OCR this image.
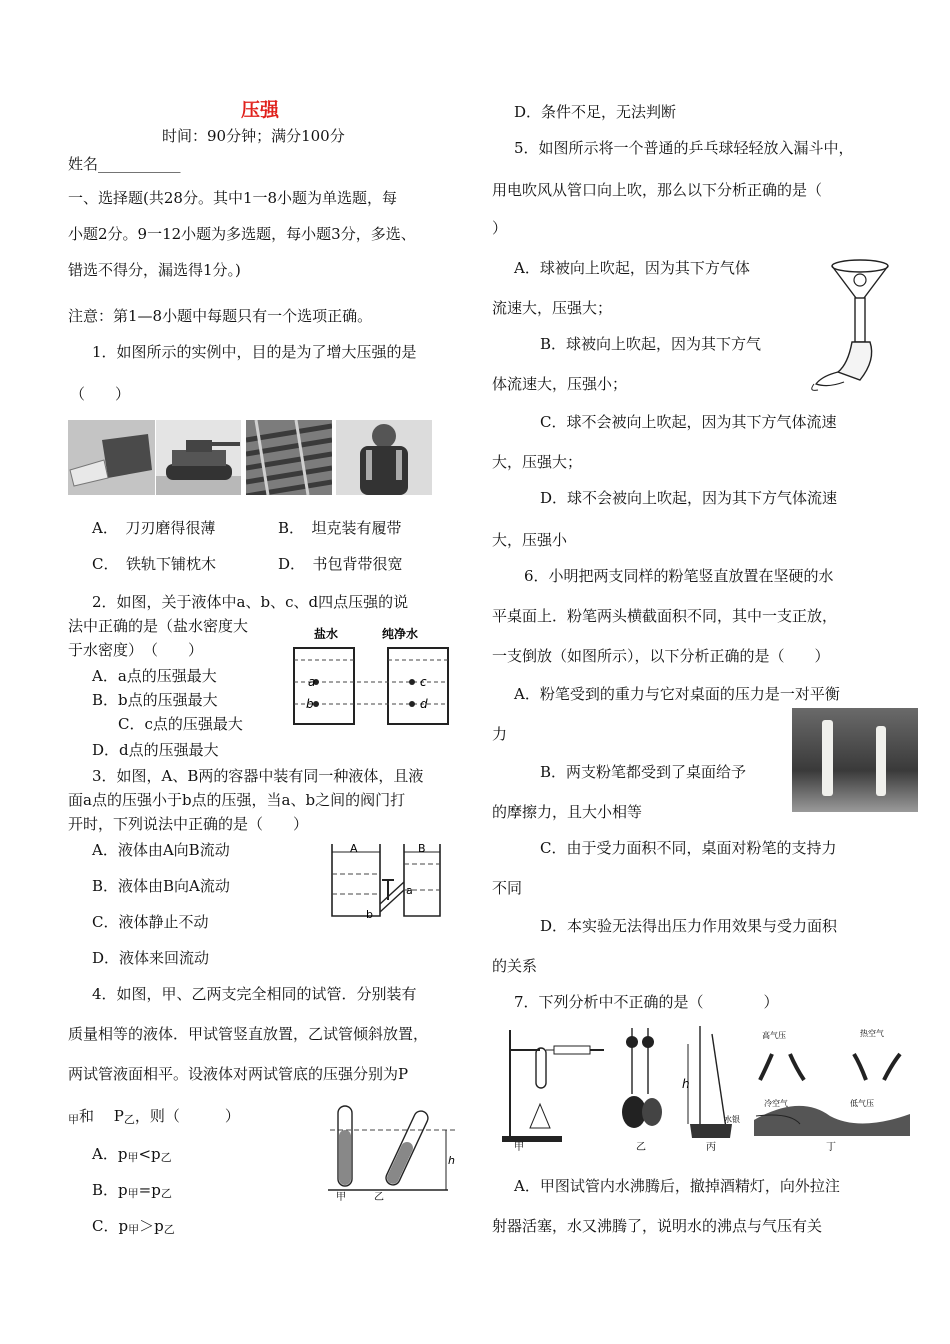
压强
时间：90分钟；满分100分
姓名___________
一、选择题(共28分。其中1一8小题为单选题，每
小题2分。9一12小题为多选题，每小题3分，多选、
错选不得分，漏选得1分。)
注意：第1—8小题中每题只有一个选项正确。
1．如图所示的实例中，目的是为了增大压强的是
（　　）
A．　刀刃磨得很薄	B．　坦克装有履带
C．　铁轨下铺枕木	D．　书包背带很宽
2．如图，关于液体中a、b、c、d四点压强的说
法中正确的是（盐水密度大
于水密度）　（　　）
A．a点的压强最大
B．b点的压强最大
C．c点的压强最大
D．d点的压强最大
盐水	纯净水
a
b
c
d
3．如图，A、B两的容器中装有同一种液体，且液
面a点的压强小于b点的压强，当a、b之间的阀门打
开时，下列说法中正确的是（　　）
A．液体由A向B流动
B．液体由B向A流动
C．液体静止不动
D．液体来回流动
A	B
a
b
4．如图，甲、乙两支完全相同的试管．分别装有
质量相等的液体．甲试管竖直放置，乙试管倾斜放置，
两试管液面相平。设液体对两试管底的压强分别为P
甲和　 P乙，则（　　　）
A．p甲<p乙
B．p甲=p乙
C．p甲＞p乙
h
甲	乙
D．条件不足，无法判断
5．如图所示将一个普通的乒乓球轻轻放入漏斗中，
用电吹风从管口向上吹，那么以下分析正确的是（
）
A．球被向上吹起，因为其下方气体
流速大，压强大；
B．球被向上吹起，因为其下方气
体流速大，压强小；
C．球不会被向上吹起，因为其下方气体流速
大，压强大；
D．球不会被向上吹起，因为其下方气体流速
大，压强小
6．小明把两支同样的粉笔竖直放置在坚硬的水
平桌面上．粉笔两头横截面积不同，其中一支正放，
一支倒放（如图所示），以下分析正确的是（　　）
A．粉笔受到的重力与它对桌面的压力是一对平衡
力
B．两支粉笔都受到了桌面给予
的摩擦力，且大小相等
C．由于受力面积不同，桌面对粉笔的支持力
不同
D．本实验无法得出压力作用效果与受力面积
的关系
7．下列分析中不正确的是（　　　　）
h
水银
高气压	热空气
冷空气	低气压
甲	乙	丙	丁
A．甲图试管内水沸腾后，撤掉酒精灯，向外拉注
射器活塞，水又沸腾了，说明水的沸点与气压有关
